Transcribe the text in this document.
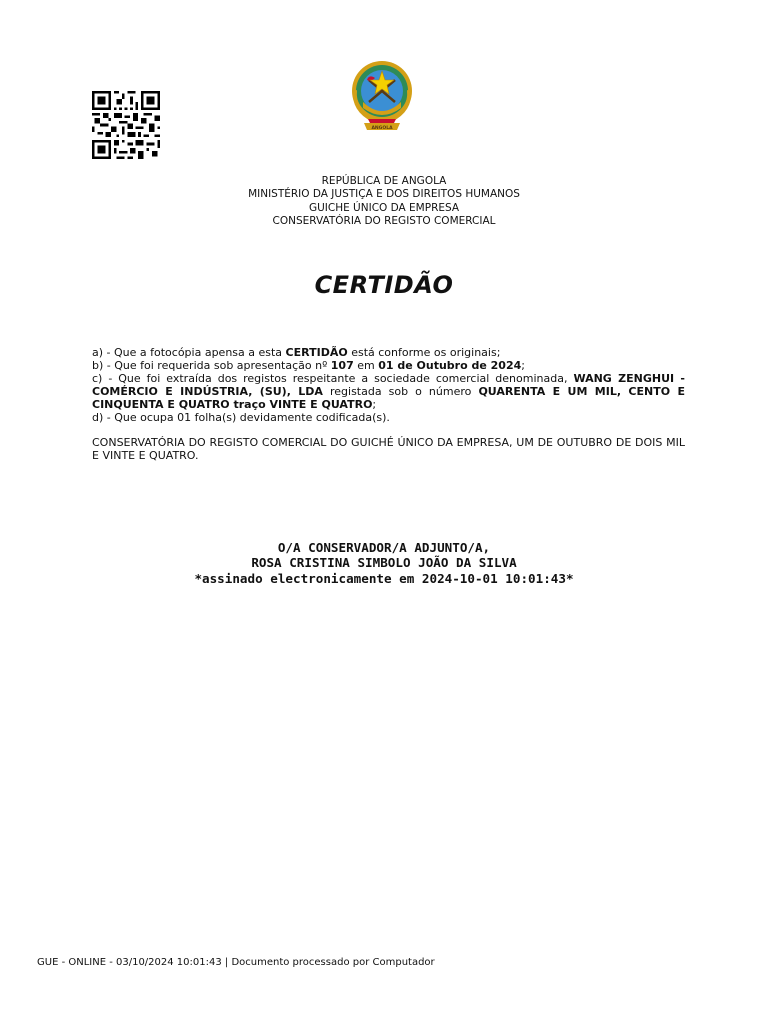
ANGOLA
REPÚBLICA DE ANGOLA
MINISTÉRIO DA JUSTIÇA E DOS DIREITOS HUMANOS
GUICHE ÚNICO DA EMPRESA
CONSERVATÓRIA DO REGISTO COMERCIAL
CERTIDÃO

a) - Que a fotocópia apensa a esta CERTIDÃO está conforme os originais;

b) - Que foi requerida sob apresentação nº 107 em 01 de Outubro de 2024;

c) - Que foi extraída dos registos respeitante a sociedade comercial denominada, WANG ZENGHUI - COMÉRCIO E INDÚSTRIA, (SU), LDA registada sob o número QUARENTA E UM MIL, CENTO E CINQUENTA E QUATRO traço VINTE E QUATRO;

d) - Que ocupa 01 folha(s) devidamente codificada(s).

CONSERVATÓRIA DO REGISTO COMERCIAL DO GUICHÉ ÚNICO DA EMPRESA, UM DE OUTUBRO DE DOIS MIL E VINTE E QUATRO.

O/A CONSERVADOR/A ADJUNTO/A,
ROSA CRISTINA SIMBOLO JOÃO DA SILVA
*assinado electronicamente em 2024-10-01 10:01:43*
GUE - ONLINE - 03/10/2024 10:01:43 | Documento processado por Computador
